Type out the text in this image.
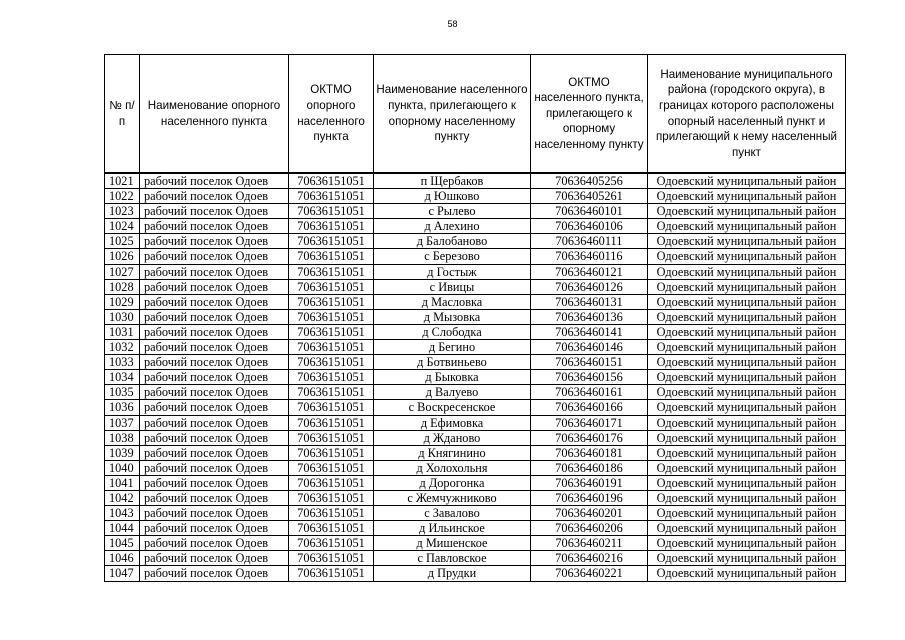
58
№ п/п	Наименование опорного населенного пункта	ОКТМО опорного населенного пункта	Наименование населенного пункта, прилегающего к опорному населенному пункту	ОКТМО населенного пункта, прилегающего к опорному населенному пункту	Наименование муниципального района (городского округа), в границах которого расположены опорный населенный пункт и прилегающий к нему населенный пункт
1021	рабочий поселок Одоев	70636151051	п Щербаков	70636405256	Одоевский муниципальный район
1022	рабочий поселок Одоев	70636151051	д Юшково	70636405261	Одоевский муниципальный район
1023	рабочий поселок Одоев	70636151051	с Рылево	70636460101	Одоевский муниципальный район
1024	рабочий поселок Одоев	70636151051	д Алехино	70636460106	Одоевский муниципальный район
1025	рабочий поселок Одоев	70636151051	д Балобаново	70636460111	Одоевский муниципальный район
1026	рабочий поселок Одоев	70636151051	с Березово	70636460116	Одоевский муниципальный район
1027	рабочий поселок Одоев	70636151051	д Гостыж	70636460121	Одоевский муниципальный район
1028	рабочий поселок Одоев	70636151051	с Ивицы	70636460126	Одоевский муниципальный район
1029	рабочий поселок Одоев	70636151051	д Масловка	70636460131	Одоевский муниципальный район
1030	рабочий поселок Одоев	70636151051	д Мызовка	70636460136	Одоевский муниципальный район
1031	рабочий поселок Одоев	70636151051	д Слободка	70636460141	Одоевский муниципальный район
1032	рабочий поселок Одоев	70636151051	д Бегино	70636460146	Одоевский муниципальный район
1033	рабочий поселок Одоев	70636151051	д Ботвиньево	70636460151	Одоевский муниципальный район
1034	рабочий поселок Одоев	70636151051	д Быковка	70636460156	Одоевский муниципальный район
1035	рабочий поселок Одоев	70636151051	д Валуево	70636460161	Одоевский муниципальный район
1036	рабочий поселок Одоев	70636151051	с Воскресенское	70636460166	Одоевский муниципальный район
1037	рабочий поселок Одоев	70636151051	д Ефимовка	70636460171	Одоевский муниципальный район
1038	рабочий поселок Одоев	70636151051	д Жданово	70636460176	Одоевский муниципальный район
1039	рабочий поселок Одоев	70636151051	д Княгинино	70636460181	Одоевский муниципальный район
1040	рабочий поселок Одоев	70636151051	д Холохольня	70636460186	Одоевский муниципальный район
1041	рабочий поселок Одоев	70636151051	д Дорогонка	70636460191	Одоевский муниципальный район
1042	рабочий поселок Одоев	70636151051	с Жемчужниково	70636460196	Одоевский муниципальный район
1043	рабочий поселок Одоев	70636151051	с Завалово	70636460201	Одоевский муниципальный район
1044	рабочий поселок Одоев	70636151051	д Ильинское	70636460206	Одоевский муниципальный район
1045	рабочий поселок Одоев	70636151051	д Мишенское	70636460211	Одоевский муниципальный район
1046	рабочий поселок Одоев	70636151051	с Павловское	70636460216	Одоевский муниципальный район
1047	рабочий поселок Одоев	70636151051	д Прудки	70636460221	Одоевский муниципальный район
